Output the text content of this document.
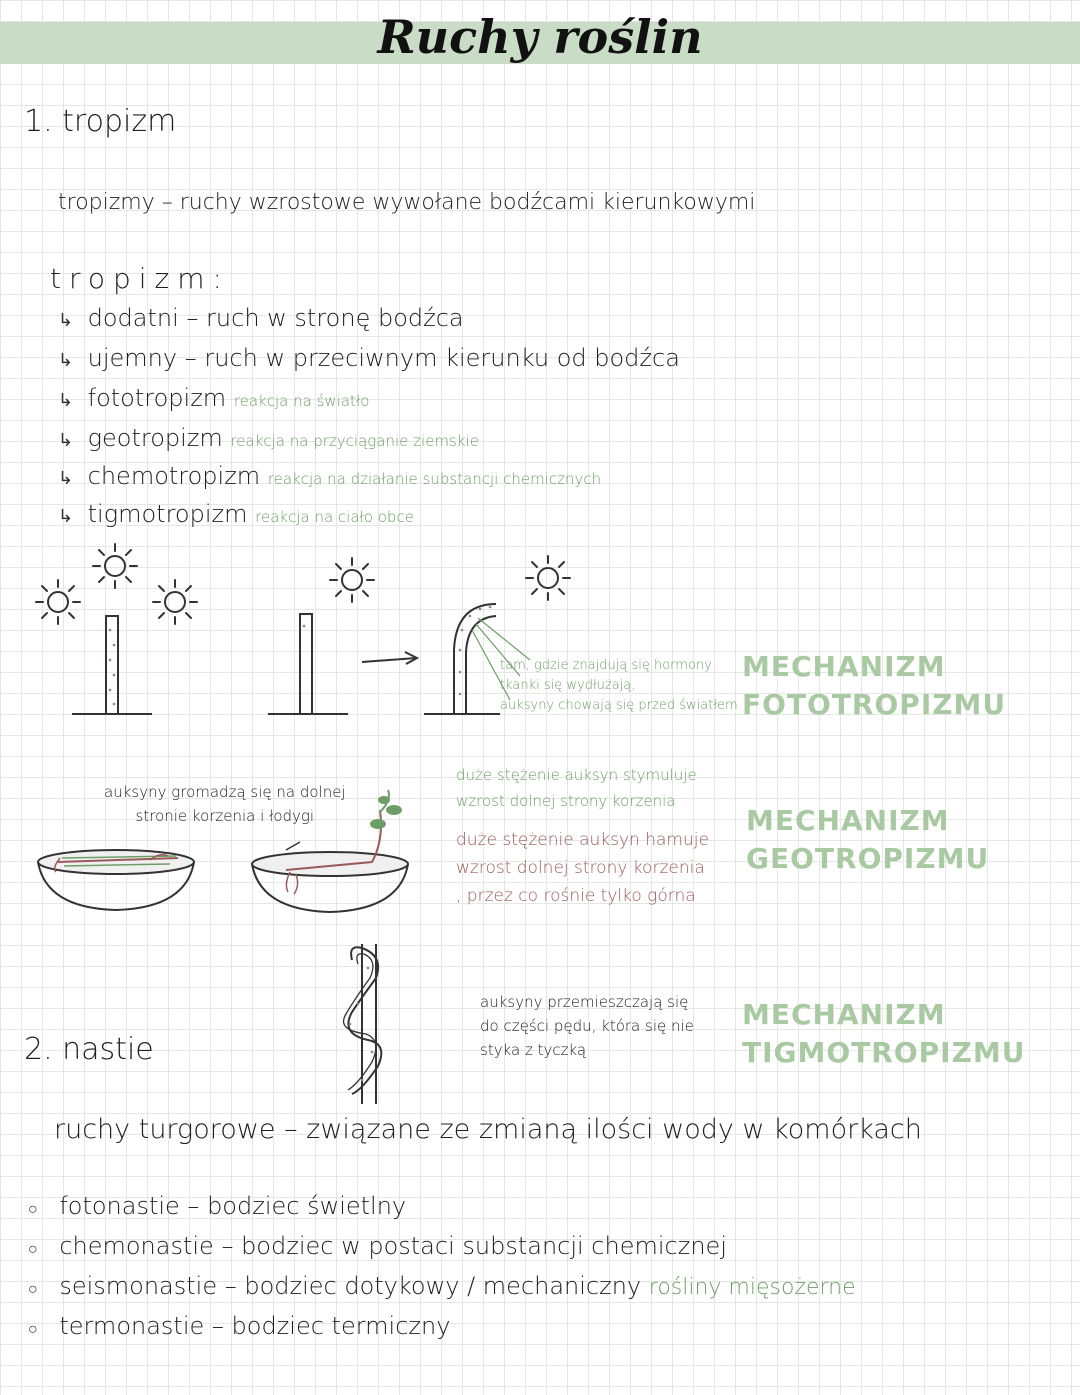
Ruchy roślin
1. tropizm
tropizmy – ruchy wzrostowe wywołane bodźcami kierunkowymi
tropizm:
↳ dodatni – ruch w stronę bodźca
↳ ujemny – ruch w przeciwnym kierunku od bodźca
↳ fototropizm reakcja na światło
↳ geotropizm reakcja na przyciąganie ziemskie
↳ chemotropizm reakcja na działanie substancji chemicznych
↳ tigmotropizm reakcja na ciało obce
tam, gdzie znajdują się hormony
tkanki się wydłużają,
auksyny chowają się przed światłem
MECHANIZM
FOTOTROPIZMU
auksyny gromadzą się na dolnej
stronie korzenia i łodygi
duże stężenie auksyn stymuluje
wzrost dolnej strony korzenia
duże stężenie auksyn hamuje
wzrost dolnej strony korzenia
, przez co rośnie tylko górna
MECHANIZM
GEOTROPIZMU
auksyny przemieszczają się
do części pędu, która się nie
styka z tyczką
MECHANIZM
TIGMOTROPIZMU
2. nastie
ruchy turgorowe – związane ze zmianą ilości wody w komórkach
○ fotonastie – bodziec świetlny
○ chemonastie – bodziec w postaci substancji chemicznej
○ seismonastie – bodziec dotykowy / mechaniczny rośliny mięsożerne
○ termonastie – bodziec termiczny
